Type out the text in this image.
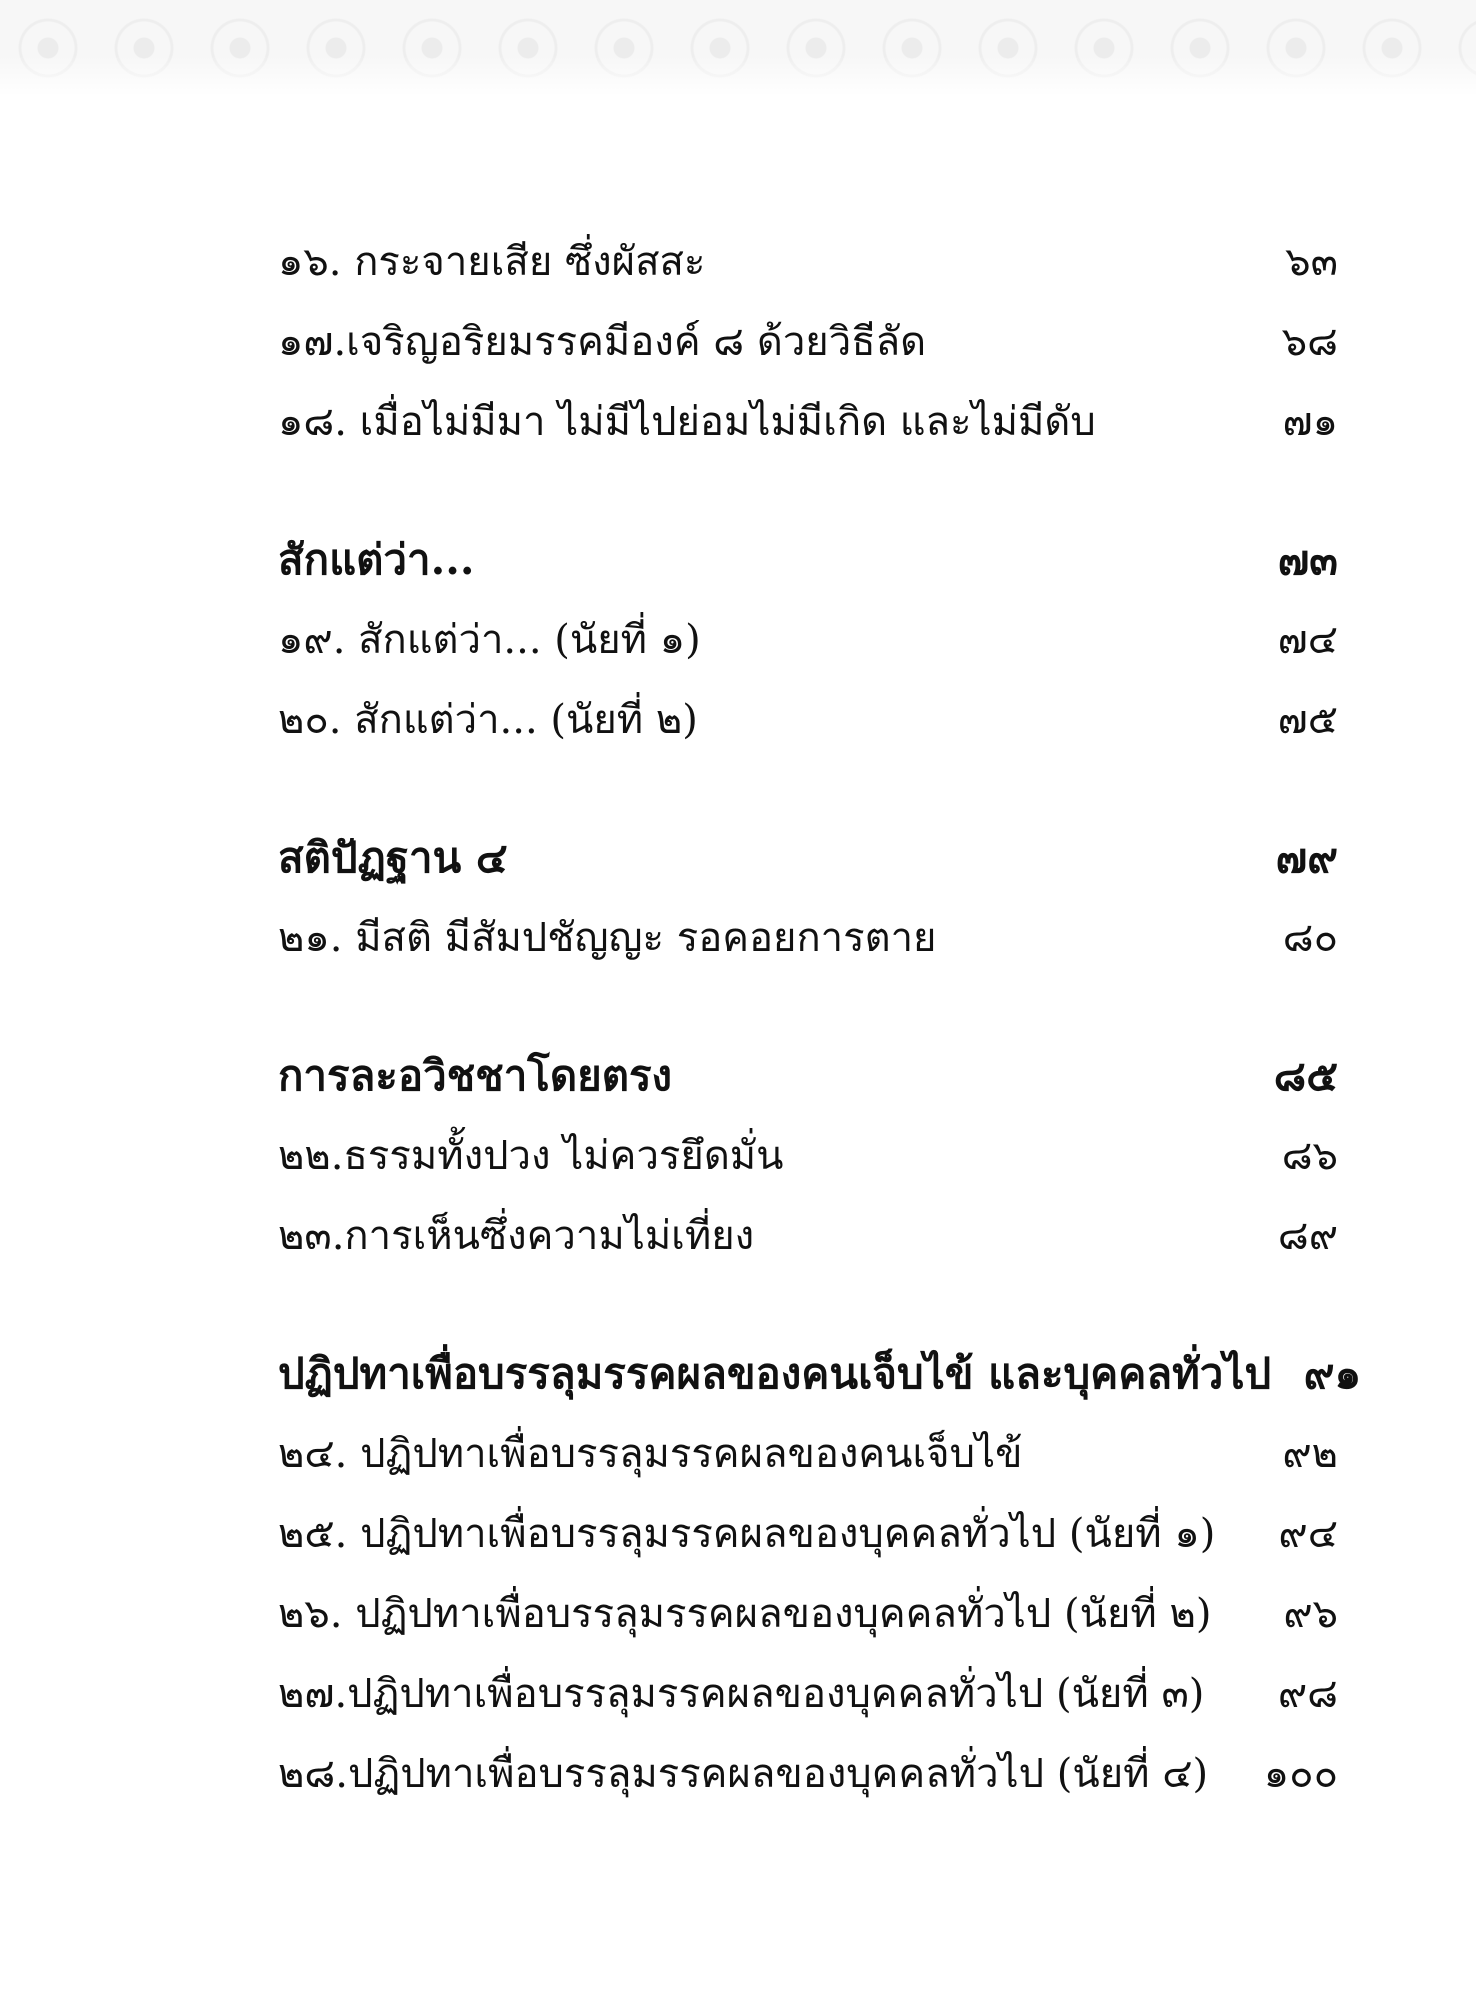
๑๖. กระจายเสีย ซึ่งผัสสะ	๖๓
๑๗.เจริญอริยมรรคมีองค์ ๘ ด้วยวิธีลัด	๖๘
๑๘. เมื่อไม่มีมา ไม่มีไปย่อมไม่มีเกิด และไม่มีดับ	๗๑
สักแต่ว่า...	๗๓
๑๙. สักแต่ว่า... (นัยที่ ๑)	๗๔
๒๐. สักแต่ว่า... (นัยที่ ๒)	๗๕
สติปัฏฐาน ๔	๗๙
๒๑. มีสติ มีสัมปชัญญะ รอคอยการตาย	๘๐
การละอวิชชาโดยตรง	๘๕
๒๒.ธรรมทั้งปวง ไม่ควรยึดมั่น	๘๖
๒๓.การเห็นซึ่งความไม่เที่ยง	๘๙
ปฏิปทาเพื่อบรรลุมรรคผลของคนเจ็บไข้ และบุคคลทั่วไป ๙๑
๒๔. ปฏิปทาเพื่อบรรลุมรรคผลของคนเจ็บไข้	๙๒
๒๕. ปฏิปทาเพื่อบรรลุมรรคผลของบุคคลทั่วไป (นัยที่ ๑)	๙๔
๒๖. ปฏิปทาเพื่อบรรลุมรรคผลของบุคคลทั่วไป (นัยที่ ๒)	๙๖
๒๗.ปฏิปทาเพื่อบรรลุมรรคผลของบุคคลทั่วไป (นัยที่ ๓)	๙๘
๒๘.ปฏิปทาเพื่อบรรลุมรรคผลของบุคคลทั่วไป (นัยที่ ๔)	๑๐๐
